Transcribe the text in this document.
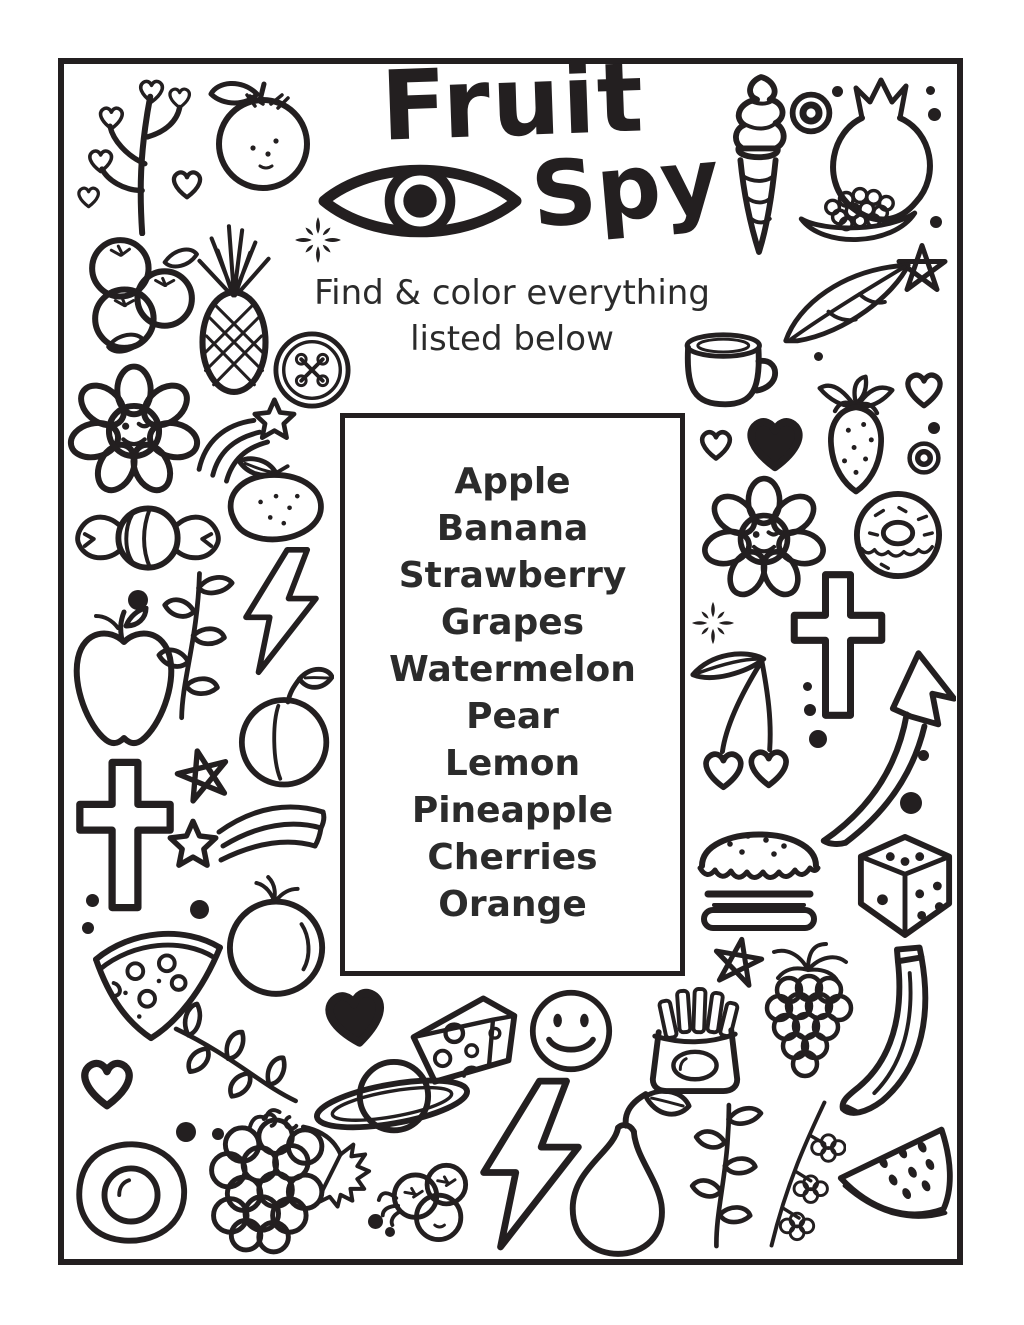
Fruit
Spy
Find & color everything
listed below
Apple
Banana
Strawberry
Grapes
Watermelon
Pear
Lemon
Pineapple
Cherries
Orange
